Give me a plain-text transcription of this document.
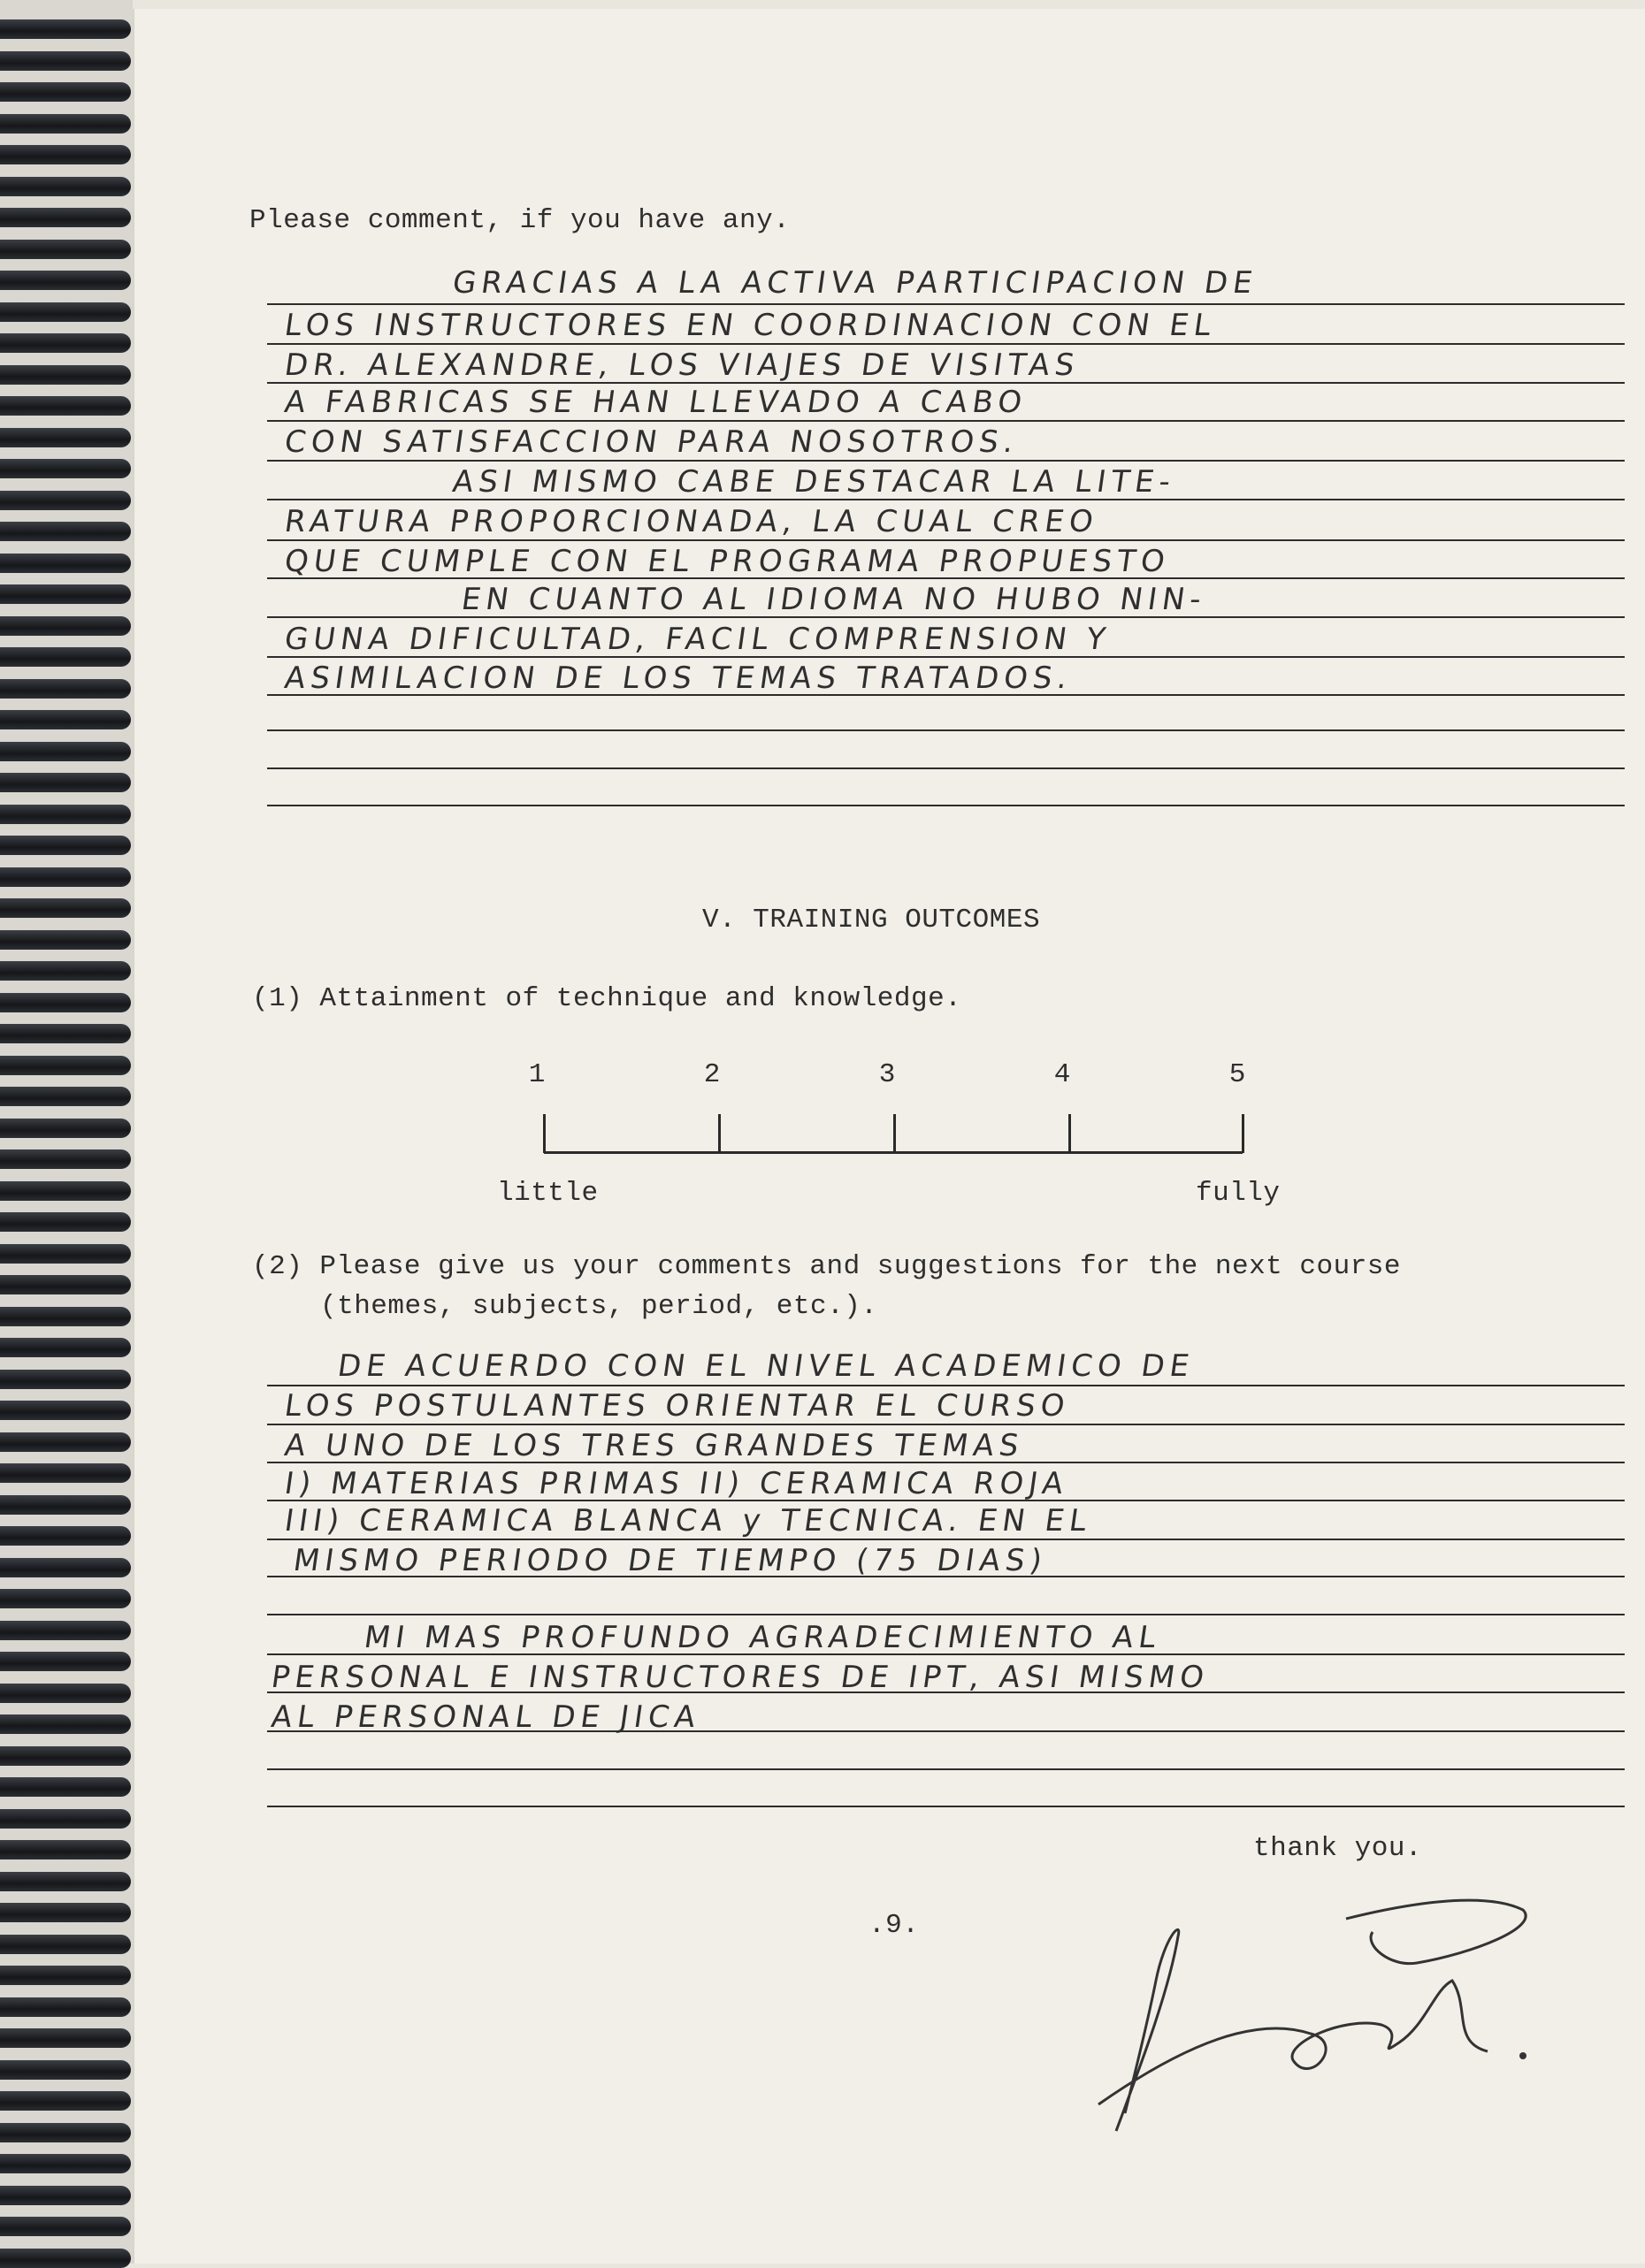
Please comment, if you have any.
GRACIAS A LA ACTIVA PARTICIPACION DE
LOS INSTRUCTORES EN COORDINACION CON EL
DR. ALEXANDRE, LOS VIAJES DE VISITAS
A FABRICAS SE HAN LLEVADO A CABO
CON SATISFACCION PARA NOSOTROS.
ASI MISMO CABE DESTACAR LA LITE-
RATURA PROPORCIONADA, LA CUAL CREO
QUE CUMPLE CON EL PROGRAMA PROPUESTO
EN CUANTO AL IDIOMA NO HUBO NIN-
GUNA DIFICULTAD, FACIL COMPRENSION Y
ASIMILACION DE LOS TEMAS TRATADOS.
V. TRAINING OUTCOMES
(1) Attainment of technique and knowledge.
1	2	3	4	5
little	fully
(2) Please give us your comments and suggestions for the next course
(themes, subjects, period, etc.).
DE ACUERDO CON EL NIVEL ACADEMICO DE
LOS POSTULANTES ORIENTAR EL CURSO
A UNO DE LOS TRES GRANDES TEMAS
I) MATERIAS PRIMAS II) CERAMICA ROJA
III) CERAMICA BLANCA y TECNICA. EN EL
MISMO PERIODO DE TIEMPO (75 DIAS)
MI MAS PROFUNDO AGRADECIMIENTO AL
PERSONAL E INSTRUCTORES DE IPT, ASI MISMO
AL PERSONAL DE JICA
thank you.
.9.
